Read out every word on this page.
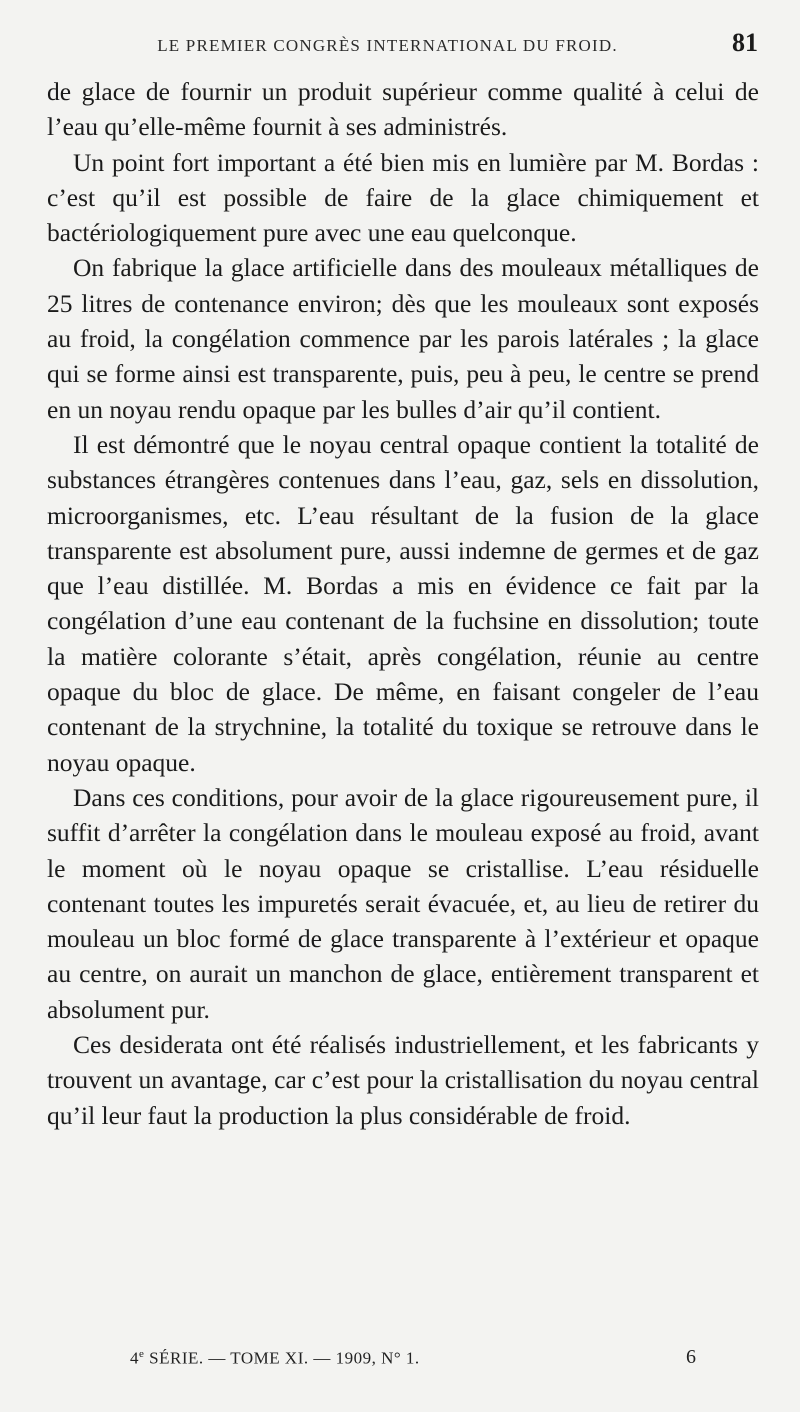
LE PREMIER CONGRÈS INTERNATIONAL DU FROID.	81

de glace de fournir un produit supérieur comme qualité à celui de l’eau qu’elle-même fournit à ses administrés.

Un point fort important a été bien mis en lumière par M. Bordas : c’est qu’il est possible de faire de la glace chimiquement et bactériologiquement pure avec une eau quelconque.

On fabrique la glace artificielle dans des mouleaux métalliques de 25 litres de contenance environ; dès que les mouleaux sont exposés au froid, la congélation commence par les parois latérales ; la glace qui se forme ainsi est transparente, puis, peu à peu, le centre se prend en un noyau rendu opaque par les bulles d’air qu’il contient.

Il est démontré que le noyau central opaque contient la totalité de substances étrangères contenues dans l’eau, gaz, sels en dissolution, microorganismes, etc. L’eau résultant de la fusion de la glace transparente est absolument pure, aussi indemne de germes et de gaz que l’eau distillée. M. Bordas a mis en évidence ce fait par la congélation d’une eau contenant de la fuchsine en dissolution; toute la matière colorante s’était, après congélation, réunie au centre opaque du bloc de glace. De même, en faisant congeler de l’eau contenant de la strychnine, la totalité du toxique se retrouve dans le noyau opaque.

Dans ces conditions, pour avoir de la glace rigoureusement pure, il suffit d’arrêter la congélation dans le mouleau exposé au froid, avant le moment où le noyau opaque se cristallise. L’eau résiduelle contenant toutes les impuretés serait évacuée, et, au lieu de retirer du mouleau un bloc formé de glace transparente à l’extérieur et opaque au centre, on aurait un manchon de glace, entièrement transparent et absolument pur.

Ces desiderata ont été réalisés industriellement, et les fabricants y trouvent un avantage, car c’est pour la cristallisation du noyau central qu’il leur faut la production la plus considérable de froid.

4e SÉRIE. — TOME XI. — 1909, N° 1.	6
